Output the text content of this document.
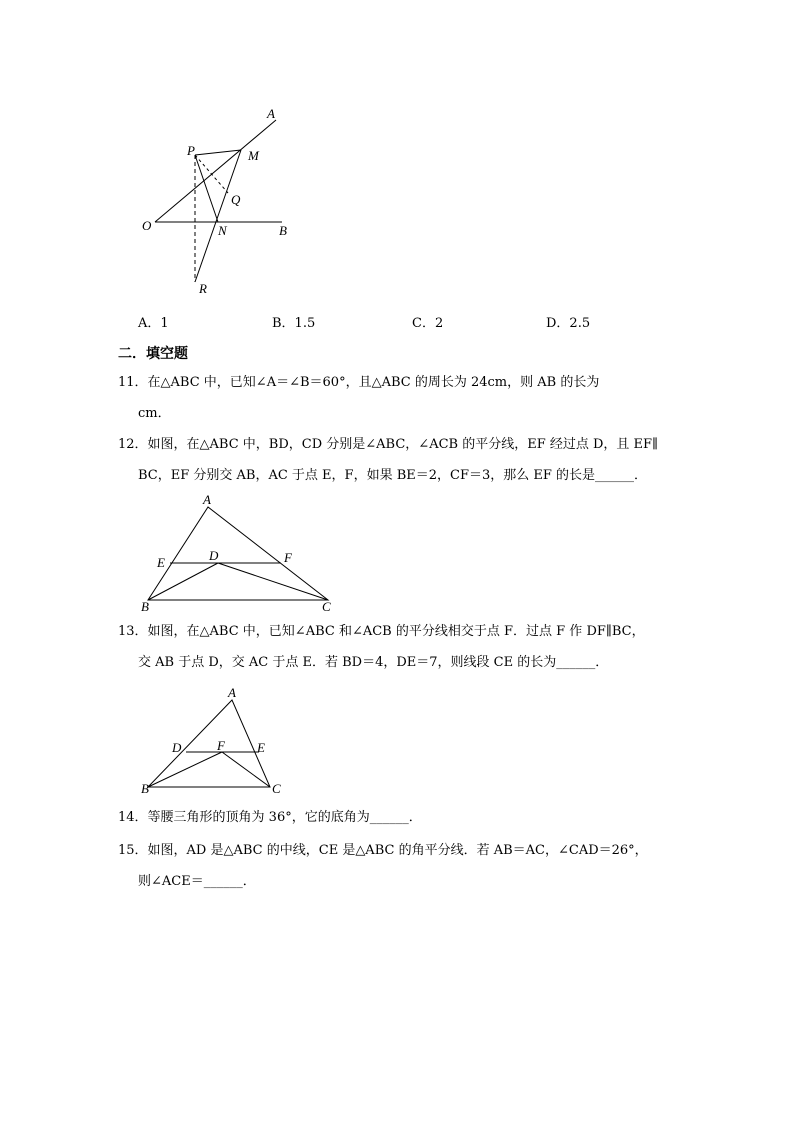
A
P	M
Q
O	N	B
R
A．1	B．1.5	C．2	D．2.5
二．填空题
11．在△ABC 中，已知∠A＝∠B＝60°，且△ABC 的周长为 24cm，则 AB 的长为
cm．
12．如图，在△ABC 中，BD，CD 分别是∠ABC，∠ACB 的平分线，EF 经过点 D，且 EF∥
BC，EF 分别交 AB，AC 于点 E，F，如果 BE＝2，CF＝3，那么 EF 的长是______．
A
E	D	F
B	C
13．如图，在△ABC 中，已知∠ABC 和∠ACB 的平分线相交于点 F．过点 F 作 DF∥BC，
交 AB 于点 D，交 AC 于点 E．若 BD＝4，DE＝7，则线段 CE 的长为______．
A
D	F E
B	C
14．等腰三角形的顶角为 36°，它的底角为______．
15．如图，AD 是△ABC 的中线，CE 是△ABC 的角平分线．若 AB＝AC，∠CAD＝26°，
则∠ACE＝______．
